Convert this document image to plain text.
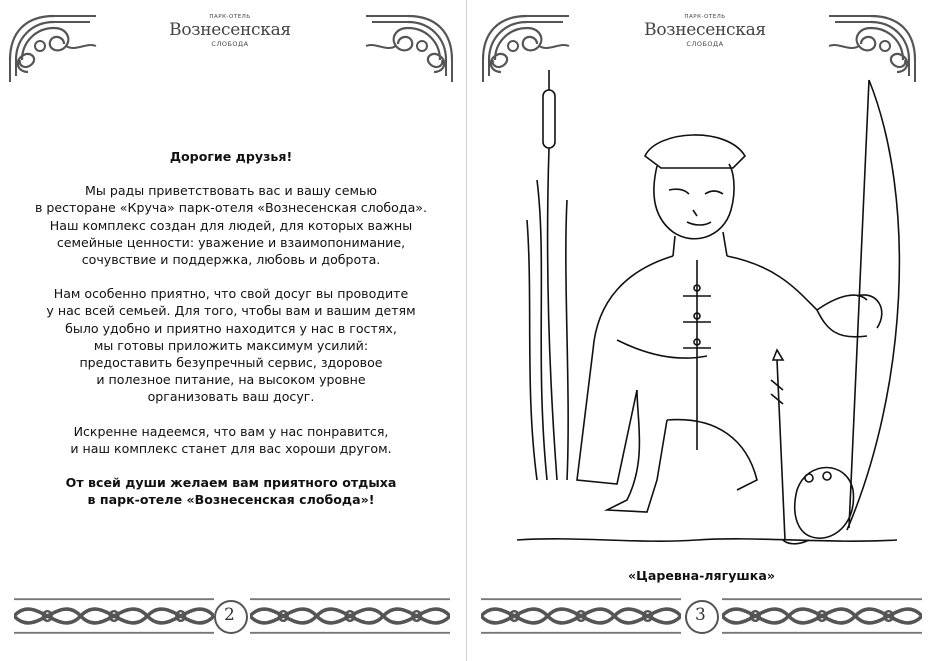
ПАРК-ОТЕЛЬ
Вознесенская
СЛОБОДА

Дорогие друзья!

Мы рады приветствовать вас и вашу семью
в ресторане «Круча» парк-отеля «Вознесенская слобода».
Наш комплекс создан для людей, для которых важны
семейные ценности: уважение и взаимопонимание,
сочувствие и поддержка, любовь и доброта.

Нам особенно приятно, что свой досуг вы проводите
у нас всей семьей. Для того, чтобы вам и вашим детям
было удобно и приятно находится у нас в гостях,
мы готовы приложить максимум усилий:
предоставить безупречный сервис, здоровое
и полезное питание, на высоком уровне
организовать ваш досуг.

Искренне надеемся, что вам у нас понравится,
и наш комплекс станет для вас хороши другом.

От всей души желаем вам приятного отдыха
в парк-отеле «Вознесенская слобода»!

2
ПАРК-ОТЕЛЬ
Вознесенская
СЛОБОДА
«Царевна-лягушка»
3
